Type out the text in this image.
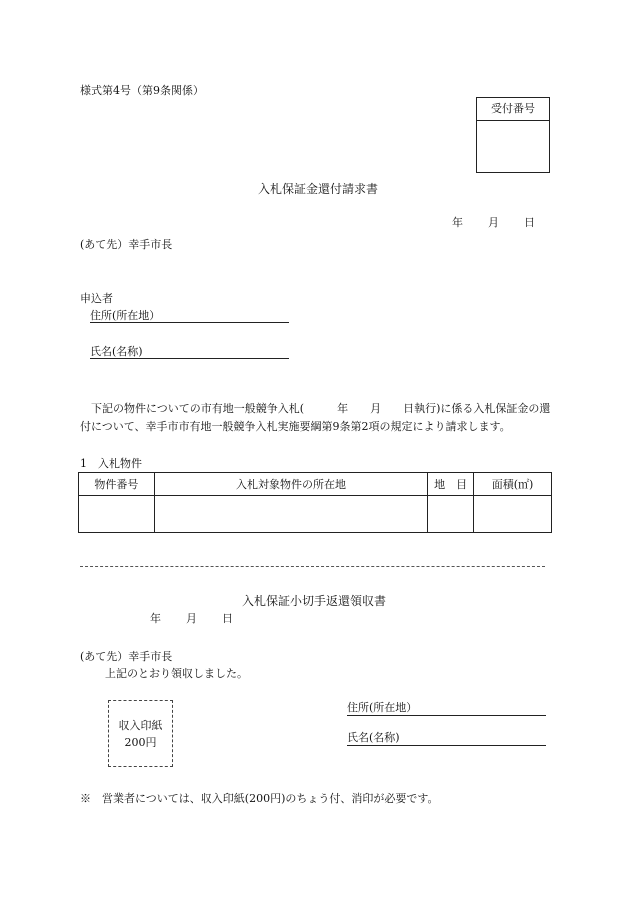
様式第4号（第9条関係）
受付番号
入札保証金還付請求書
年 月 日
(あて先）幸手市長
申込者
住所(所在地）
氏名(名称)
下記の物件についての市有地一般競争入札(　　　年　　月　　日執行)に係る入札保証金の還付について、幸手市市有地一般競争入札実施要綱第9条第2項の規定により請求します。
1　入札物件
物件番号	入札対象物件の所在地	地　目	面積(㎡)

入札保証小切手返還領収書
年 月 日
(あて先）幸手市長
上記のとおり領収しました。
収入印紙
200円
住所(所在地）
氏名(名称)
※　営業者については、収入印紙(200円)のちょう付、消印が必要です。
